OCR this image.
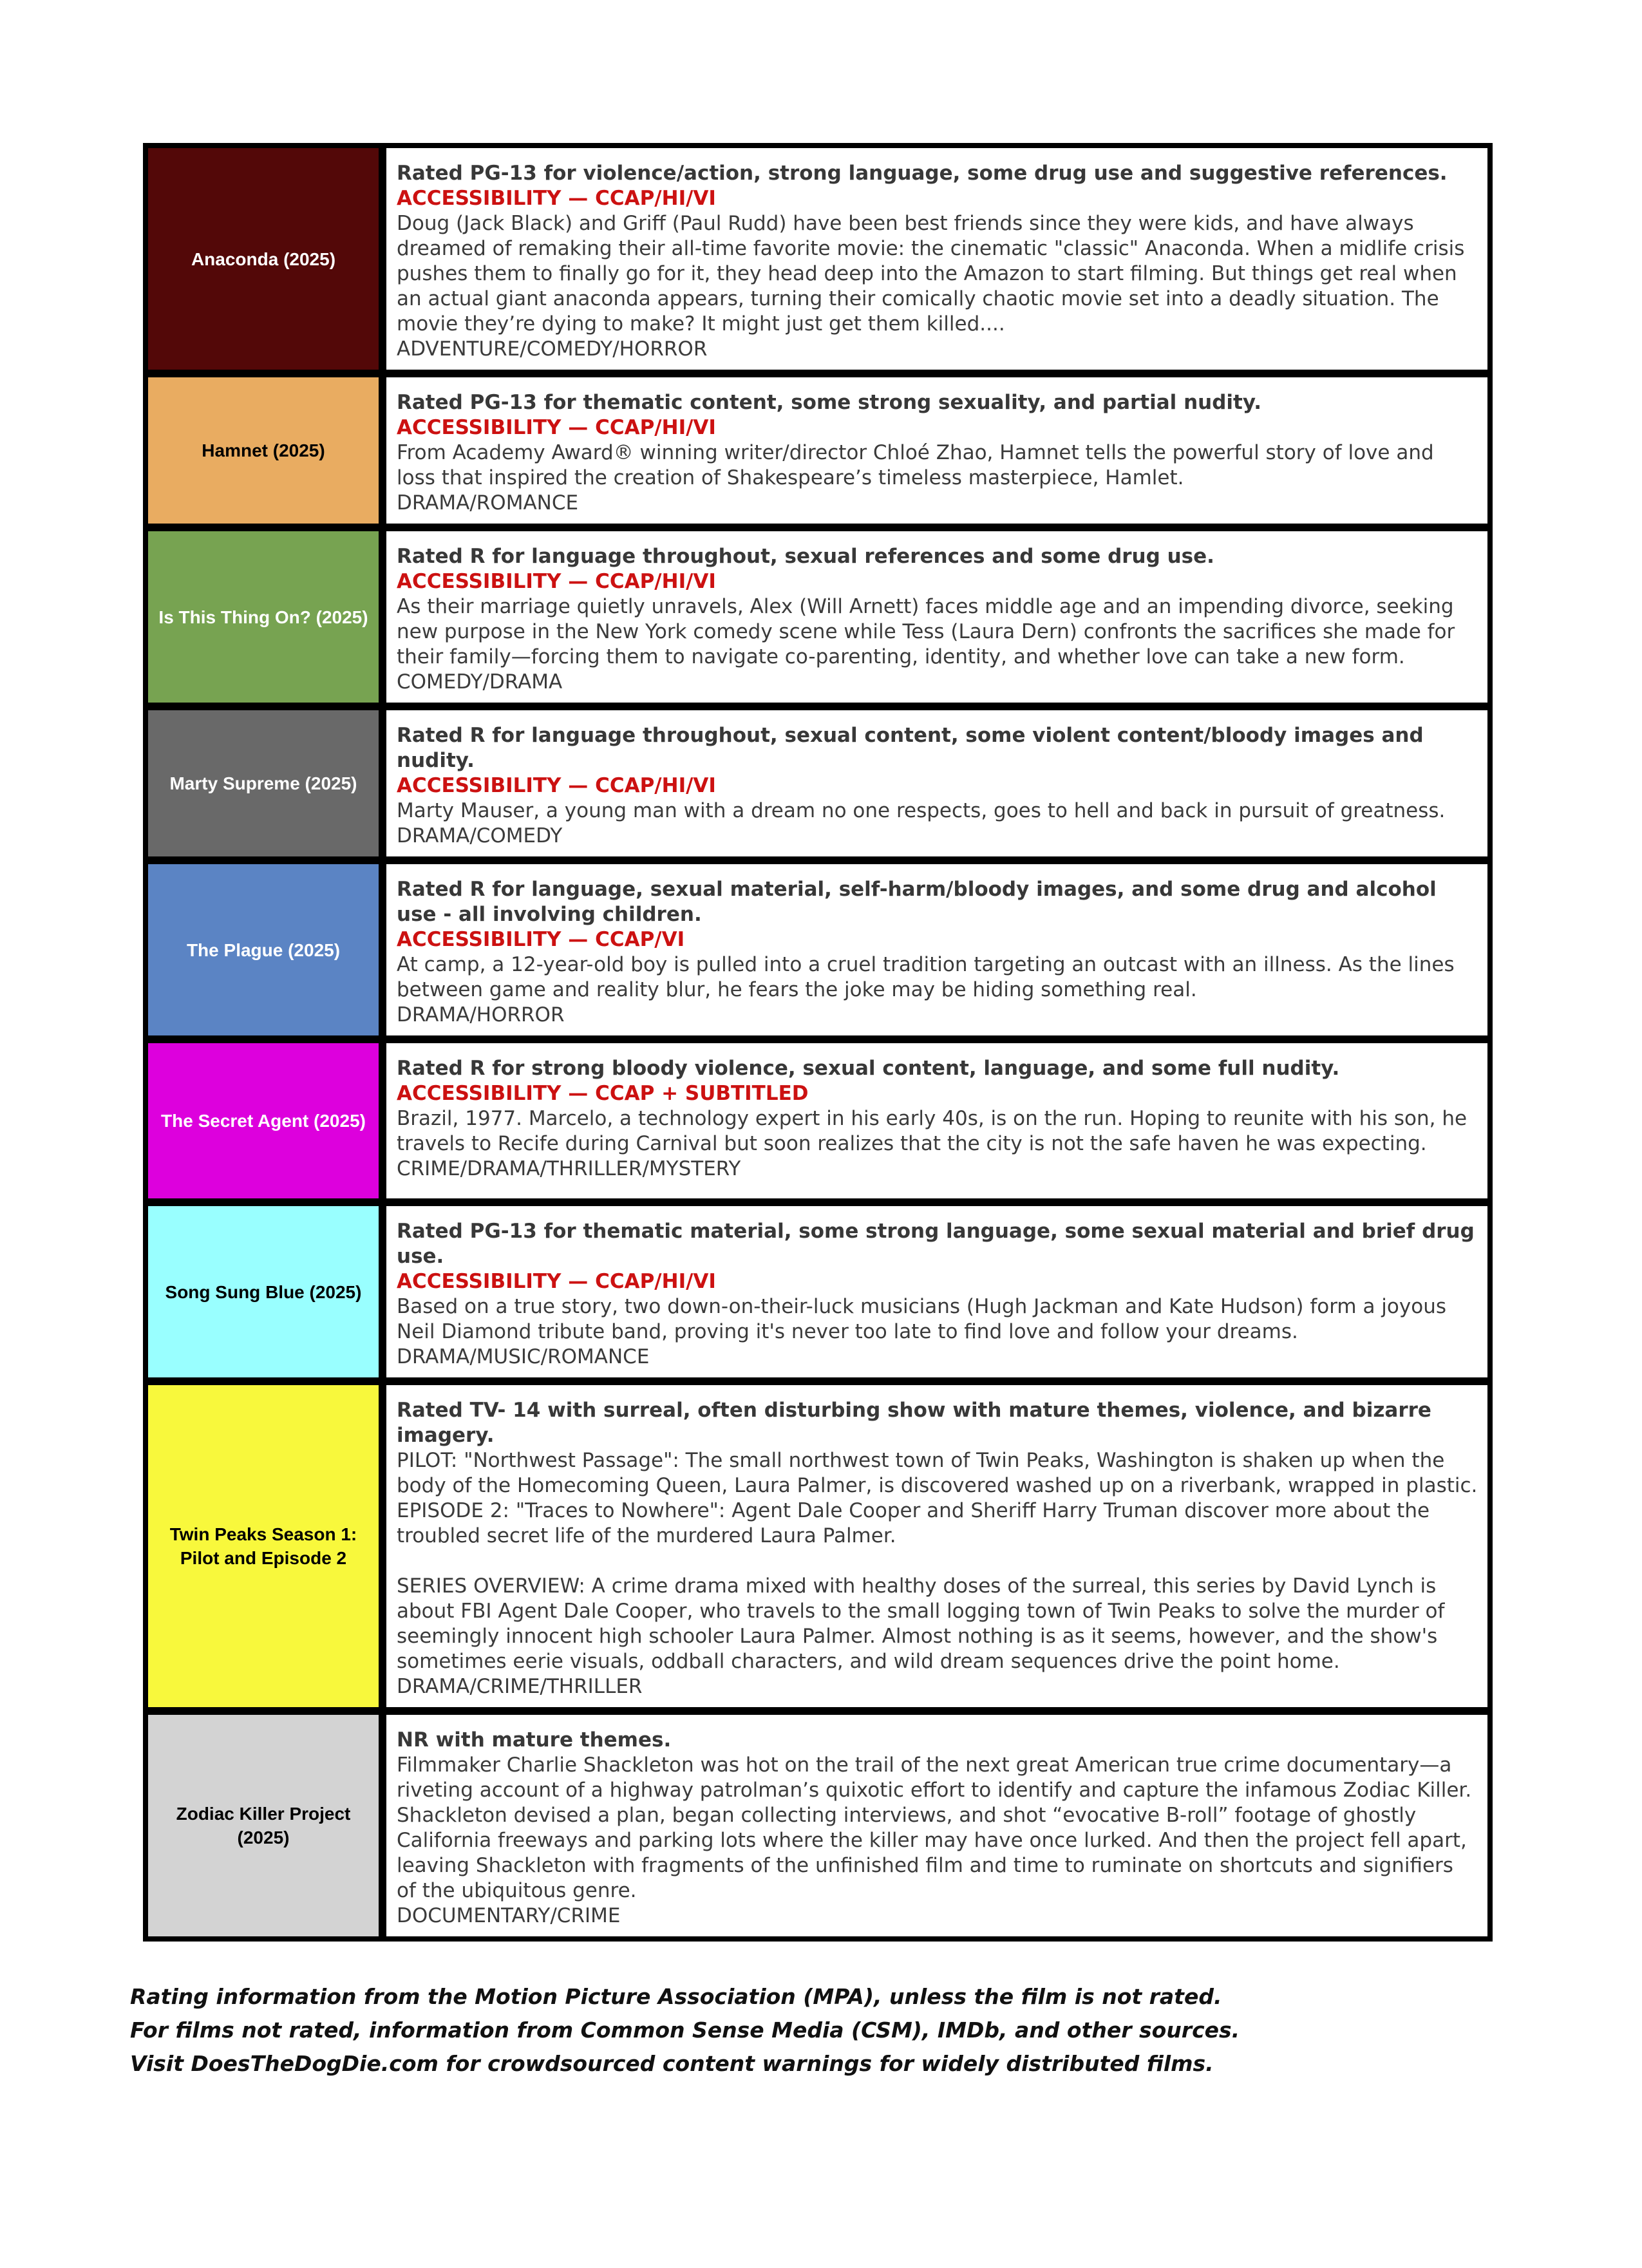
Anaconda (2025)
Rated PG-13 for violence/action, strong language, some drug use and suggestive references.
ACCESSIBILITY — CCAP/HI/VI
Doug (Jack Black) and Griff (Paul Rudd) have been best friends since they were kids, and have always dreamed of remaking their all-time favorite movie: the cinematic "classic" Anaconda. When a midlife crisis pushes them to finally go for it, they head deep into the Amazon to start filming. But things get real when an actual giant anaconda appears, turning their comically chaotic movie set into a deadly situation. The movie they’re dying to make? It might just get them killed....
ADVENTURE/COMEDY/HORROR
Hamnet (2025)
Rated PG-13 for thematic content, some strong sexuality, and partial nudity.
ACCESSIBILITY — CCAP/HI/VI
From Academy Award® winning writer/director Chloé Zhao, Hamnet tells the powerful story of love and loss that inspired the creation of Shakespeare’s timeless masterpiece, Hamlet.
DRAMA/ROMANCE
Is This Thing On? (2025)
Rated R for language throughout, sexual references and some drug use.
ACCESSIBILITY — CCAP/HI/VI
As their marriage quietly unravels, Alex (Will Arnett) faces middle age and an impending divorce, seeking new purpose in the New York comedy scene while Tess (Laura Dern) confronts the sacrifices she made for their family—forcing them to navigate co-parenting, identity, and whether love can take a new form.
COMEDY/DRAMA
Marty Supreme (2025)
Rated R for language throughout, sexual content, some violent content/bloody images and nudity.
ACCESSIBILITY — CCAP/HI/VI
Marty Mauser, a young man with a dream no one respects, goes to hell and back in pursuit of greatness.
DRAMA/COMEDY
The Plague (2025)
Rated R for language, sexual material, self-harm/bloody images, and some drug and alcohol use - all involving children.
ACCESSIBILITY — CCAP/VI
At camp, a 12-year-old boy is pulled into a cruel tradition targeting an outcast with an illness. As the lines between game and reality blur, he fears the joke may be hiding something real.
DRAMA/HORROR
The Secret Agent (2025)
Rated R for strong bloody violence, sexual content, language, and some full nudity.
ACCESSIBILITY — CCAP + SUBTITLED
Brazil, 1977. Marcelo, a technology expert in his early 40s, is on the run. Hoping to reunite with his son, he travels to Recife during Carnival but soon realizes that the city is not the safe haven he was expecting.
CRIME/DRAMA/THRILLER/MYSTERY
Song Sung Blue (2025)
Rated PG-13 for thematic material, some strong language, some sexual material and brief drug use.
ACCESSIBILITY — CCAP/HI/VI
Based on a true story, two down-on-their-luck musicians (Hugh Jackman and Kate Hudson) form a joyous Neil Diamond tribute band, proving it's never too late to find love and follow your dreams.
DRAMA/MUSIC/ROMANCE
Twin Peaks Season 1: Pilot and Episode 2
Rated TV- 14 with surreal, often disturbing show with mature themes, violence, and bizarre imagery.
PILOT: "Northwest Passage": The small northwest town of Twin Peaks, Washington is shaken up when the body of the Homecoming Queen, Laura Palmer, is discovered washed up on a riverbank, wrapped in plastic.
EPISODE 2: "Traces to Nowhere": Agent Dale Cooper and Sheriff Harry Truman discover more about the troubled secret life of the murdered Laura Palmer.
SERIES OVERVIEW: A crime drama mixed with healthy doses of the surreal, this series by David Lynch is about FBI Agent Dale Cooper, who travels to the small logging town of Twin Peaks to solve the murder of seemingly innocent high schooler Laura Palmer. Almost nothing is as it seems, however, and the show's sometimes eerie visuals, oddball characters, and wild dream sequences drive the point home.
DRAMA/CRIME/THRILLER
Zodiac Killer Project (2025)
NR with mature themes.
Filmmaker Charlie Shackleton was hot on the trail of the next great American true crime documentary—a riveting account of a highway patrolman’s quixotic effort to identify and capture the infamous Zodiac Killer. Shackleton devised a plan, began collecting interviews, and shot “evocative B-roll” footage of ghostly California freeways and parking lots where the killer may have once lurked. And then the project fell apart, leaving Shackleton with fragments of the unfinished film and time to ruminate on shortcuts and signifiers of the ubiquitous genre.
DOCUMENTARY/CRIME
Rating information from the Motion Picture Association (MPA), unless the film is not rated.
For films not rated, information from Common Sense Media (CSM), IMDb, and other sources.
Visit DoesTheDogDie.com for crowdsourced content warnings for widely distributed films.
